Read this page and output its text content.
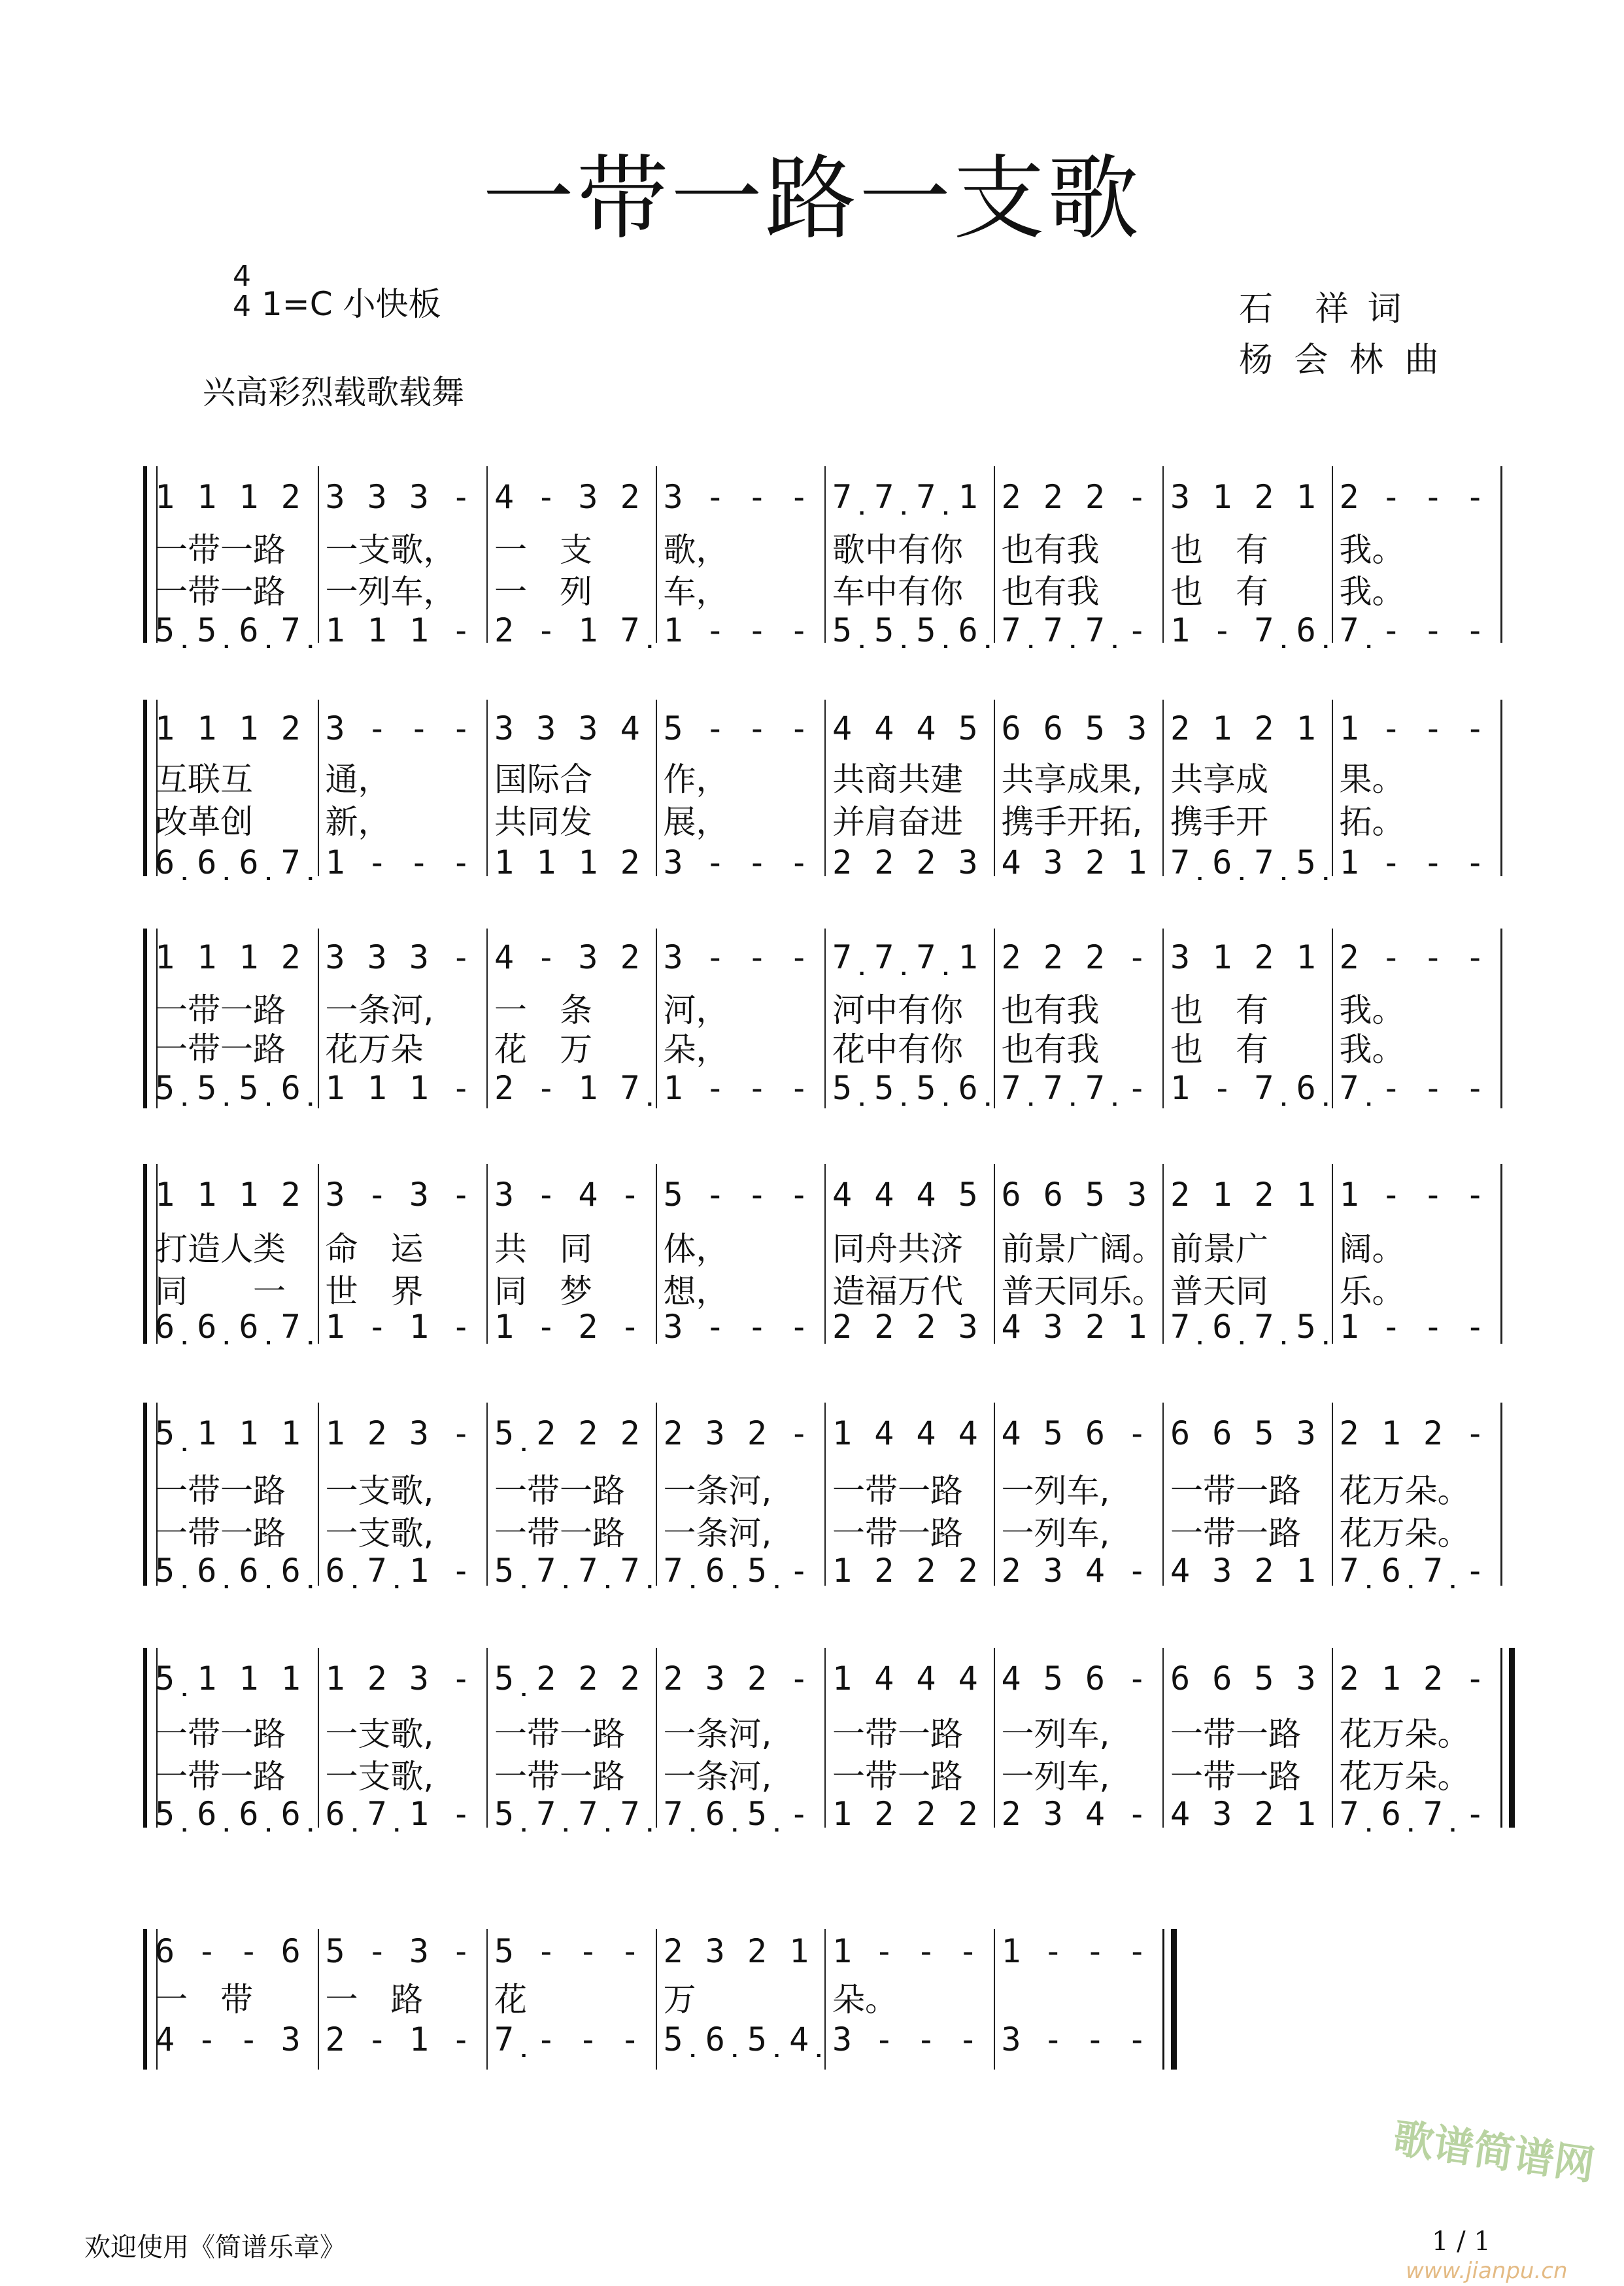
一带一路一支歌
4
4 1=C 小快板
兴高彩烈载歌载舞
石　祥 词
杨 会 林 曲
1 1 1 2
一带一路
一带一路
5̣ 5̣ 6̣ 7̣
3 3 3 -
一支歌，
一列车，
1 1 1 -
4 - 3 2
一　支
一　列
2 - 1 7̣
3 - - -
歌，
车，
1 - - -
7̣ 7̣ 7̣ 1
歌中有你
车中有你
5̣ 5̣ 5̣ 6̣
2 2 2 -
也有我
也有我
7̣ 7̣ 7̣ -
3 1 2 1
也　有
也　有
1 - 7̣ 6̣
2 - - -
我。
我。
7̣ - - -
1 1 1 2
互联互
改革创
6̣ 6̣ 6̣ 7̣
3 - - -
通，
新，
1 - - -
3 3 3 4
国际合
共同发
1 1 1 2
5 - - -
作，
展，
3 - - -
4 4 4 5
共商共建
并肩奋进
2 2 2 3
6 6 5 3
共享成果,
携手开拓,
4 3 2 1
2 1 2 1
共享成
携手开
7̣ 6̣ 7̣ 5̣
1 - - -
果。
拓。
1 - - -
1 1 1 2
一带一路
一带一路
5̣ 5̣ 5̣ 6̣
3 3 3 -
一条河,
花万朵
1 1 1 -
4 - 3 2
一　条
花　万
2 - 1 7̣
3 - - -
河，
朵，
1 - - -
7̣ 7̣ 7̣ 1
河中有你
花中有你
5̣ 5̣ 5̣ 6̣
2 2 2 -
也有我
也有我
7̣ 7̣ 7̣ -
3 1 2 1
也　有
也　有
1 - 7̣ 6̣
2 - - -
我。
我。
7̣ - - -
1 1 1 2
打造人类
同　　一
6̣ 6̣ 6̣ 7̣
3 - 3 -
命　运
世　界
1 - 1 -
3 - 4 -
共　同
同　梦
1 - 2 -
5 - - -
体，
想，
3 - - -
4 4 4 5
同舟共济
造福万代
2 2 2 3
6 6 5 3
前景广阔。
普天同乐。
4 3 2 1
2 1 2 1
前景广
普天同
7̣ 6̣ 7̣ 5̣
1 - - -
阔。
乐。
1 - - -
5̣ 1 1 1
一带一路
一带一路
5̣ 6̣ 6̣ 6̣
1 2 3 -
一支歌,
一支歌,
6̣ 7̣ 1 -
5̣ 2 2 2
一带一路
一带一路
5̣ 7̣ 7̣ 7̣
2 3 2 -
一条河,
一条河,
7̣ 6̣ 5̣ -
1 4 4 4
一带一路
一带一路
1 2 2 2
4 5 6 -
一列车,
一列车,
2 3 4 -
6 6 5 3
一带一路
一带一路
4 3 2 1
2 1 2 -
花万朵。
花万朵。
7̣ 6̣ 7̣ -
5̣ 1 1 1
一带一路
一带一路
5̣ 6̣ 6̣ 6̣
1 2 3 -
一支歌,
一支歌,
6̣ 7̣ 1 -
5̣ 2 2 2
一带一路
一带一路
5̣ 7̣ 7̣ 7̣
2 3 2 -
一条河,
一条河,
7̣ 6̣ 5̣ -
1 4 4 4
一带一路
一带一路
1 2 2 2
4 5 6 -
一列车,
一列车,
2 3 4 -
6 6 5 3
一带一路
一带一路
4 3 2 1
2 1 2 -
花万朵。
花万朵。
7̣ 6̣ 7̣ -
6 - - 6
一　带
4 - - 3
5 - 3 -
一　路
2 - 1 -
5 - - -
花
7̣ - - -
2 3 2 1
万
5̣ 6̣ 5̣ 4̣
1 - - -
朵。
3 - - -
1 - - -
3 - - -
欢迎使用《简谱乐章》	1 / 1
歌谱简谱网
www.jianpu.cn
